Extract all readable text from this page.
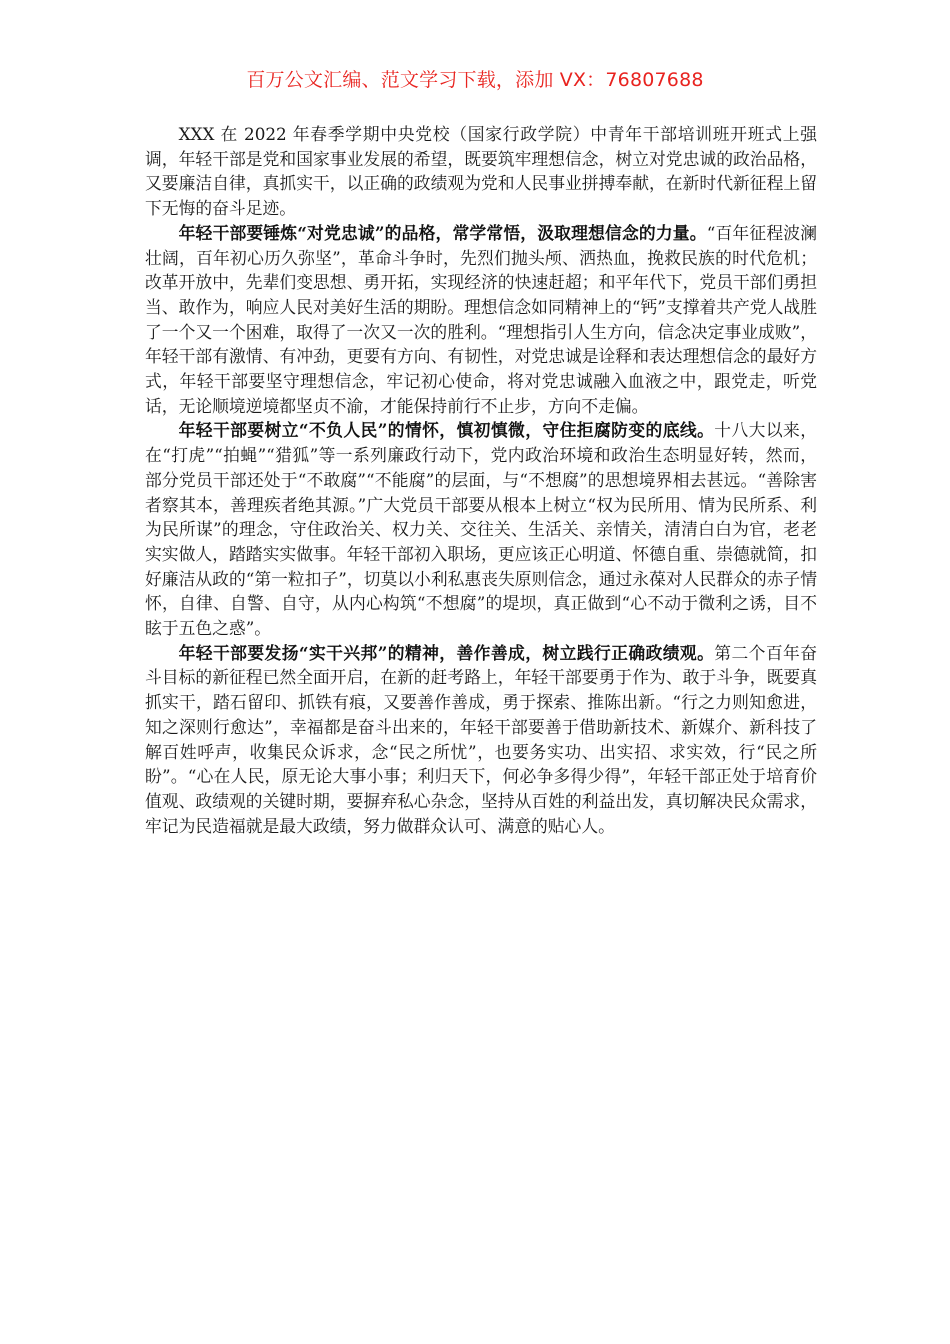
百万公文汇编、范文学习下载，添加 VX：76807688

XXX 在 2022 年春季学期中央党校（国家行政学院）中青年干部培训班开班式上强调，年轻干部是党和国家事业发展的希望，既要筑牢理想信念，树立对党忠诚的政治品格，又要廉洁自律，真抓实干，以正确的政绩观为党和人民事业拼搏奉献，在新时代新征程上留下无悔的奋斗足迹。

年轻干部要锤炼“对党忠诚”的品格，常学常悟，汲取理想信念的力量。“百年征程波澜壮阔，百年初心历久弥坚”，革命斗争时，先烈们抛头颅、洒热血，挽救民族的时代危机；改革开放中，先辈们变思想、勇开拓，实现经济的快速赶超；和平年代下，党员干部们勇担当、敢作为，响应人民对美好生活的期盼。理想信念如同精神上的“钙”支撑着共产党人战胜了一个又一个困难，取得了一次又一次的胜利。“理想指引人生方向，信念决定事业成败”，年轻干部有激情、有冲劲，更要有方向、有韧性，对党忠诚是诠释和表达理想信念的最好方式，年轻干部要坚守理想信念，牢记初心使命，将对党忠诚融入血液之中，跟党走，听党话，无论顺境逆境都坚贞不渝，才能保持前行不止步，方向不走偏。

年轻干部要树立“不负人民”的情怀，慎初慎微，守住拒腐防变的底线。十八大以来，在“打虎”“拍蝇”“猎狐”等一系列廉政行动下，党内政治环境和政治生态明显好转，然而，部分党员干部还处于“不敢腐”“不能腐”的层面，与“不想腐”的思想境界相去甚远。“善除害者察其本，善理疾者绝其源。”广大党员干部要从根本上树立“权为民所用、情为民所系、利为民所谋”的理念，守住政治关、权力关、交往关、生活关、亲情关，清清白白为官，老老实实做人，踏踏实实做事。年轻干部初入职场，更应该正心明道、怀德自重、崇德就简，扣好廉洁从政的“第一粒扣子”，切莫以小利私惠丧失原则信念，通过永葆对人民群众的赤子情怀，自律、自警、自守，从内心构筑“不想腐”的堤坝，真正做到“心不动于微利之诱，目不眩于五色之惑”。

年轻干部要发扬“实干兴邦”的精神，善作善成，树立践行正确政绩观。第二个百年奋斗目标的新征程已然全面开启，在新的赶考路上，年轻干部要勇于作为、敢于斗争，既要真抓实干，踏石留印、抓铁有痕，又要善作善成，勇于探索、推陈出新。“行之力则知愈进，知之深则行愈达”，幸福都是奋斗出来的，年轻干部要善于借助新技术、新媒介、新科技了解百姓呼声，收集民众诉求，念“民之所忧”，也要务实功、出实招、求实效，行“民之所盼”。“心在人民，原无论大事小事；利归天下，何必争多得少得”，年轻干部正处于培育价值观、政绩观的关键时期，要摒弃私心杂念，坚持从百姓的利益出发，真切解决民众需求，牢记为民造福就是最大政绩，努力做群众认可、满意的贴心人。
